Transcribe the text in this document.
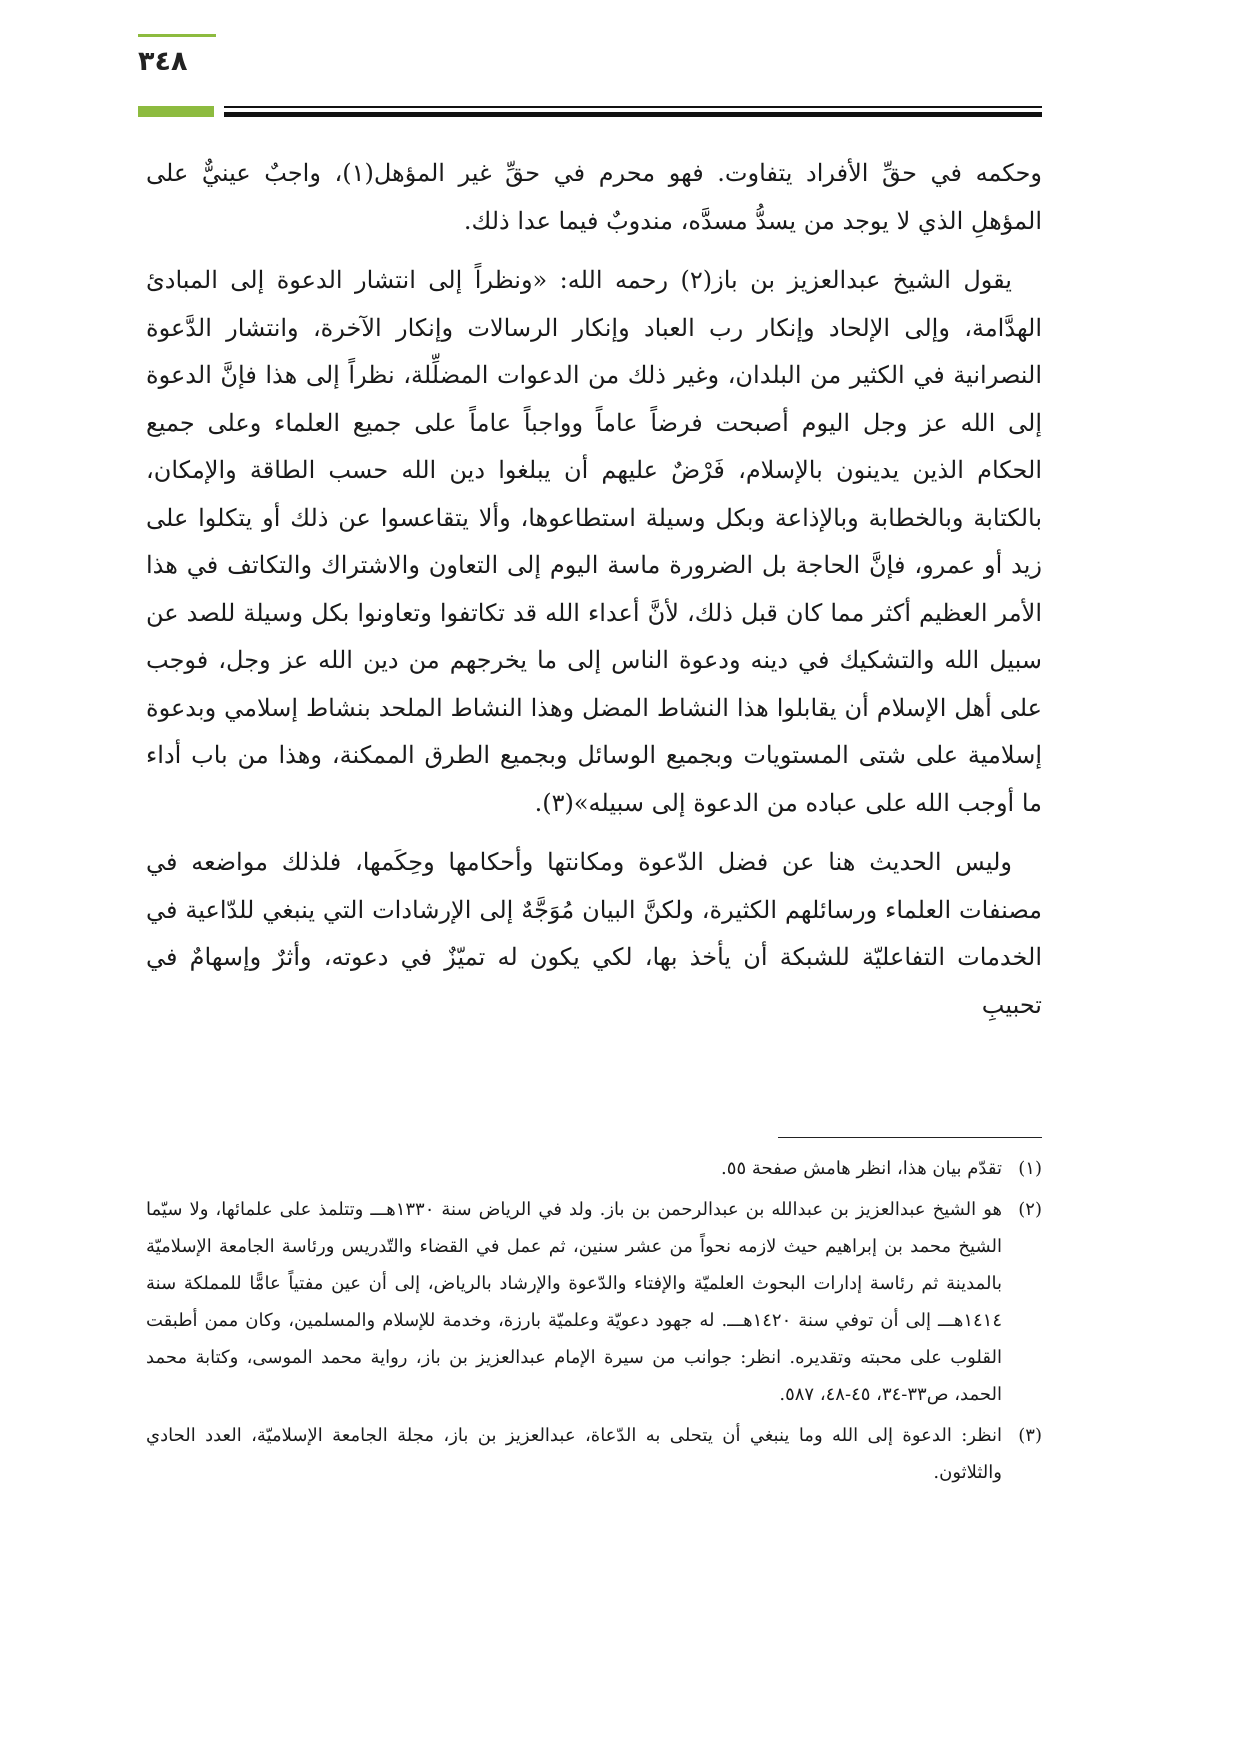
٣٤٨

وحكمه في حقِّ الأفراد يتفاوت. فهو محرم في حقِّ غير المؤهل(١)، واجبٌ عينيٌّ على المؤهلِ الذي لا يوجد من يسدُّ مسدَّه، مندوبٌ فيما عدا ذلك.

يقول الشيخ عبدالعزيز بن باز(٢) رحمه الله: «ونظراً إلى انتشار الدعوة إلى المبادئ الهدَّامة، وإلى الإلحاد وإنكار رب العباد وإنكار الرسالات وإنكار الآخرة، وانتشار الدَّعوة النصرانية في الكثير من البلدان، وغير ذلك من الدعوات المضلِّلة، نظراً إلى هذا فإنَّ الدعوة إلى الله عز وجل اليوم أصبحت فرضاً عاماً وواجباً عاماً على جميع العلماء وعلى جميع الحكام الذين يدينون بالإسلام، فَرْضٌ عليهم أن يبلغوا دين الله حسب الطاقة والإمكان، بالكتابة وبالخطابة وبالإذاعة وبكل وسيلة استطاعوها، وألا يتقاعسوا عن ذلك أو يتكلوا على زيد أو عمرو، فإنَّ الحاجة بل الضرورة ماسة اليوم إلى التعاون والاشتراك والتكاتف في هذا الأمر العظيم أكثر مما كان قبل ذلك، لأنَّ أعداء الله قد تكاتفوا وتعاونوا بكل وسيلة للصد عن سبيل الله والتشكيك في دينه ودعوة الناس إلى ما يخرجهم من دين الله عز وجل، فوجب على أهل الإسلام أن يقابلوا هذا النشاط المضل وهذا النشاط الملحد بنشاط إسلامي وبدعوة إسلامية على شتى المستويات وبجميع الوسائل وبجميع الطرق الممكنة، وهذا من باب أداء ما أوجب الله على عباده من الدعوة إلى سبيله»(٣).

وليس الحديث هنا عن فضل الدّعوة ومكانتها وأحكامها وحِكَمها، فلذلك مواضعه في مصنفات العلماء ورسائلهم الكثيرة، ولكنَّ البيان مُوَجَّهٌ إلى الإرشادات التي ينبغي للدّاعية في الخدمات التفاعليّة للشبكة أن يأخذ بها، لكي يكون له تميّزٌ في دعوته، وأثرٌ وإسهامٌ في تحبيبِ

(١)
تقدّم بيان هذا، انظر هامش صفحة ٥٥.
(٢)
هو الشيخ عبدالعزيز بن عبدالله بن عبدالرحمن بن باز. ولد في الرياض سنة ١٣٣٠هـــ وتتلمذ على علمائها، ولا سيّما الشيخ محمد بن إبراهيم حيث لازمه نحواً من عشر سنين، ثم عمل في القضاء والتّدريس ورئاسة الجامعة الإسلاميّة بالمدينة ثم رئاسة إدارات البحوث العلميّة والإفتاء والدّعوة والإرشاد بالرياض، إلى أن عين مفتياً عامًّا للمملكة سنة ١٤١٤هـــ إلى أن توفي سنة ١٤٢٠هـــ. له جهود دعويّة وعلميّة بارزة، وخدمة للإسلام والمسلمين، وكان ممن أطبقت القلوب على محبته وتقديره. انظر: جوانب من سيرة الإمام عبدالعزيز بن باز، رواية محمد الموسى، وكتابة محمد الحمد، ص٣٣-٣٤، ٤٥-٤٨، ٥٨٧.
(٣)
انظر: الدعوة إلى الله وما ينبغي أن يتحلى به الدّعاة، عبدالعزيز بن باز، مجلة الجامعة الإسلاميّة، العدد الحادي والثلاثون.
